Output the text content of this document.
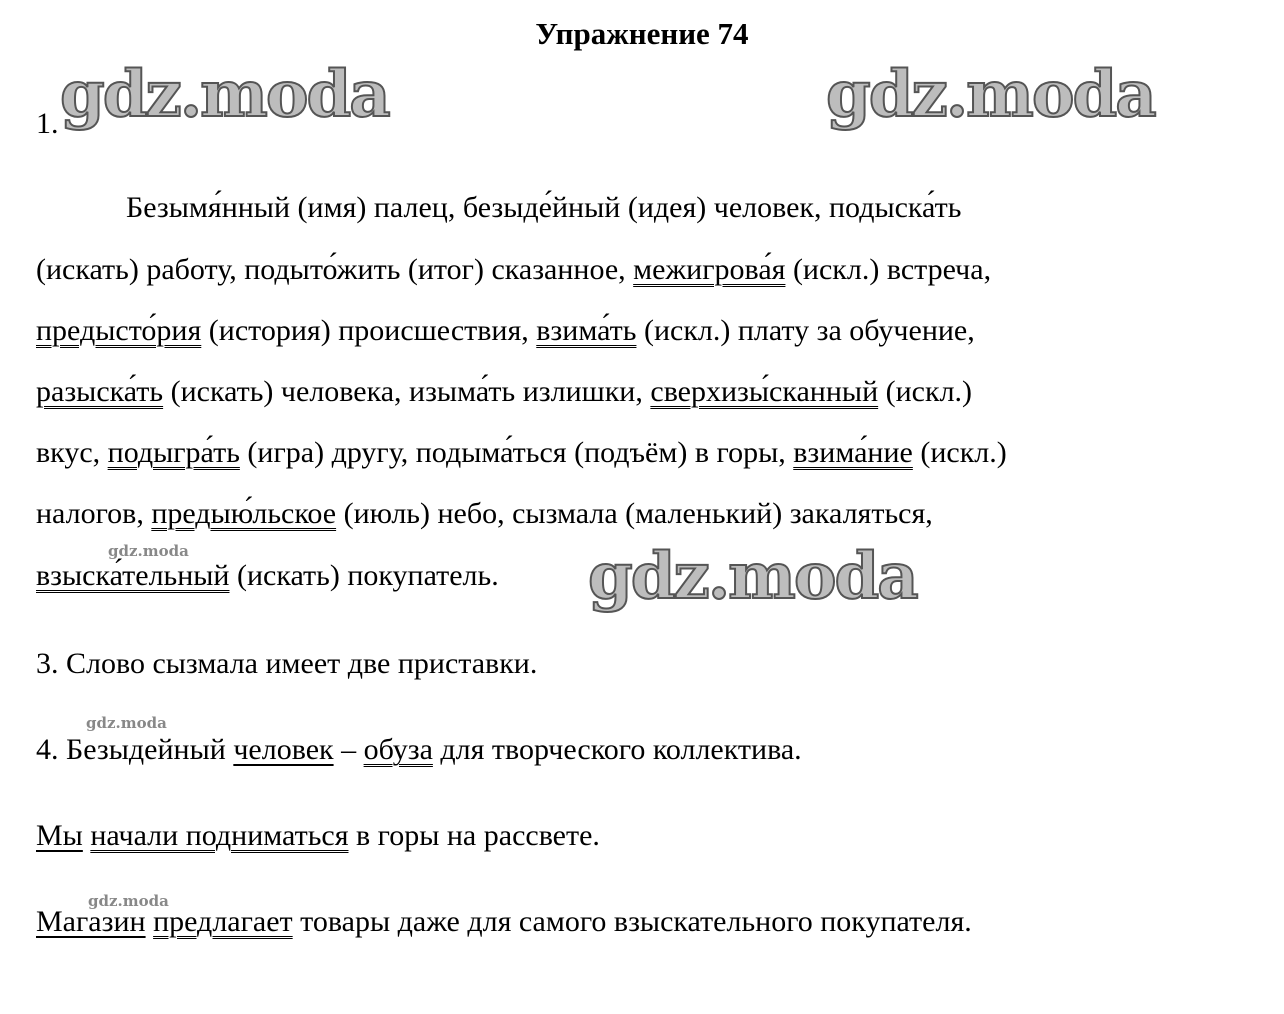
Упражнение 74
1.
Безымя́нный (имя) палец, безыде́йный (идея) человек, подыска́ть
(искать) работу, подыто́жить (итог) сказанное, межигрова́я (искл.) встреча,
предысто́рия (история) происшествия, взима́ть (искл.) плату за обучение,
разыска́ть (искать) человека, изыма́ть излишки, сверхизы́сканный (искл.)
вкус, подыгра́ть (игра) другу, подыма́ться (подъём) в горы, взима́ние (искл.)
налогов, предыю́льское (июль) небо, сызмала (маленький) закаляться,
взыска́тельный (искать) покупатель.
3. Слово сызмала имеет две приставки.
4. Безыдейный человек – обуза для творческого коллектива.
Мы начали подниматься в горы на рассвете.
Магазин предлагает товары даже для самого взыскательного покупателя.
gdz.moda	gdz.moda
gdz.moda
gdz.moda
gdz.moda
gdz.moda
